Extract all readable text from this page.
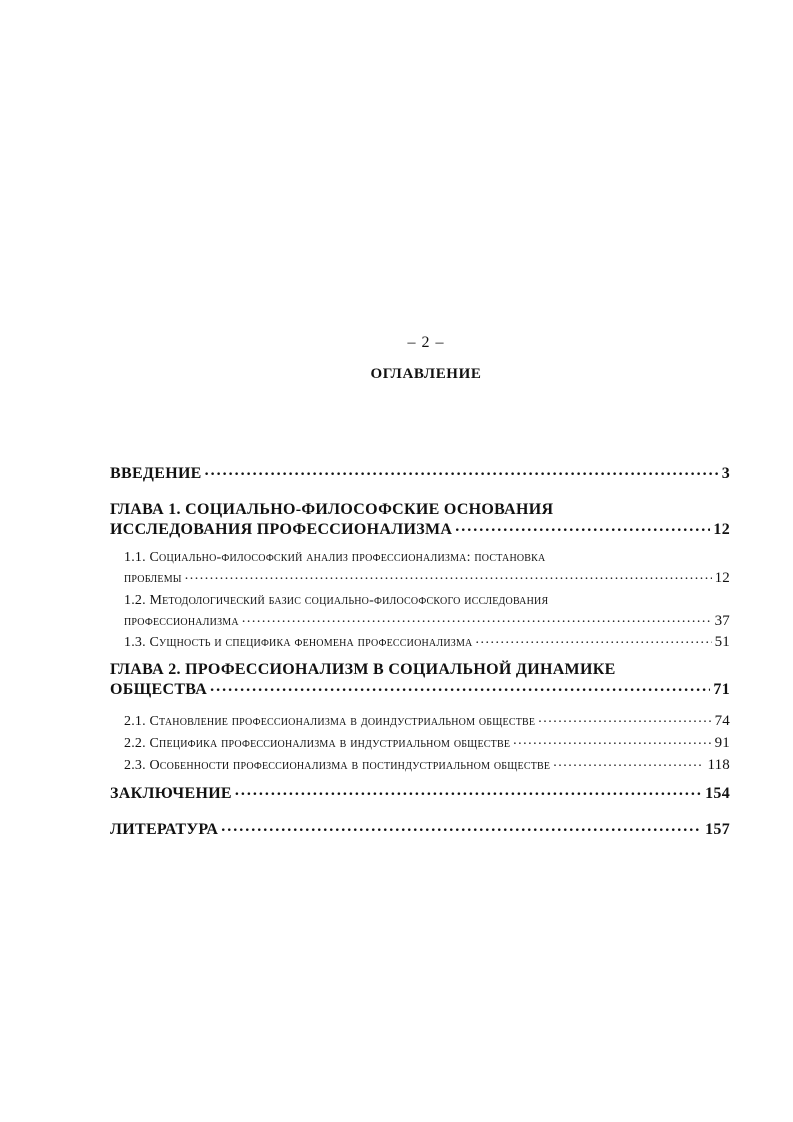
– 2 –
ОГЛАВЛЕНИЕ
ВВЕДЕНИЕ . . .	3
ГЛАВА 1. СОЦИАЛЬНО-ФИЛОСОФСКИЕ ОСНОВАНИЯ
ИССЛЕДОВАНИЯ ПРОФЕССИОНАЛИЗМА . . .	12
1.1. Социально-философский анализ профессионализма: постановка
проблемы . . .	12
1.2. Методологический базис социально-философского исследования
профессионализма . . .	37
1.3. Сущность и специфика феномена профессионализма . . .	51
ГЛАВА 2. ПРОФЕССИОНАЛИЗМ В СОЦИАЛЬНОЙ ДИНАМИКЕ
ОБЩЕСТВА . . .	71
2.1. Становление профессионализма в доиндустриальном обществе . . .	74
2.2. Специфика профессионализма в индустриальном обществе . . .	91
2.3. Особенности профессионализма в постиндустриальном обществе . . .	118
ЗАКЛЮЧЕНИЕ . . .	154
ЛИТЕРАТУРА . . .	157
